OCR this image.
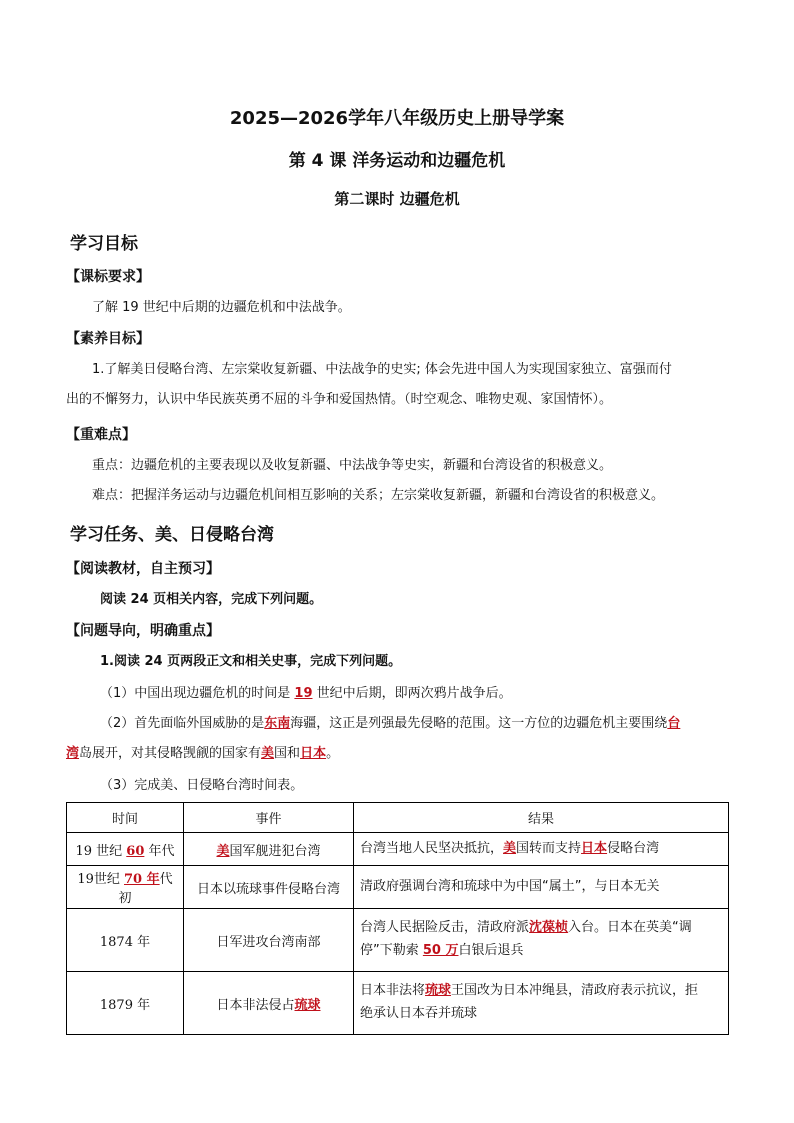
2025—2026学年八年级历史上册导学案
第 4 课 洋务运动和边疆危机
第二课时 边疆危机
学习目标
【课标要求】
了解 19 世纪中后期的边疆危机和中法战争。
【素养目标】
1.了解美日侵略台湾、左宗棠收复新疆、中法战争的史实; 体会先进中国人为实现国家独立、富强而付
出的不懈努力，认识中华民族英勇不屈的斗争和爱国热情。（时空观念、唯物史观、家国情怀）。
【重难点】
重点：边疆危机的主要表现以及收复新疆、中法战争等史实，新疆和台湾设省的积极意义。
难点：把握洋务运动与边疆危机间相互影响的关系；左宗棠收复新疆，新疆和台湾设省的积极意义。
学习任务、美、日侵略台湾
【阅读教材，自主预习】
阅读 24 页相关内容，完成下列问题。
【问题导向，明确重点】
1.阅读 24 页两段正文和相关史事，完成下列问题。
（1）中国出现边疆危机的时间是 19 世纪中后期，即两次鸦片战争后。
（2）首先面临外国威胁的是东南海疆，这正是列强最先侵略的范围。这一方位的边疆危机主要围绕台
湾岛展开，对其侵略觊觎的国家有美国和日本。
（3）完成美、日侵略台湾时间表。
时间	事件	结果
19 世纪 60 年代	美国军舰进犯台湾	台湾当地人民坚决抵抗，美国转而支持日本侵略台湾
19世纪 70 年代初	日本以琉球事件侵略台湾	清政府强调台湾和琉球中为中国“属土”，与日本无关
1874 年	日军进攻台湾南部	台湾人民据险反击，清政府派沈葆桢入台。日本在英美“调
停”下勒索 50 万白银后退兵
1879 年	日本非法侵占琉球	日本非法将琉球王国改为日本冲绳县，清政府表示抗议，拒
绝承认日本吞并琉球
